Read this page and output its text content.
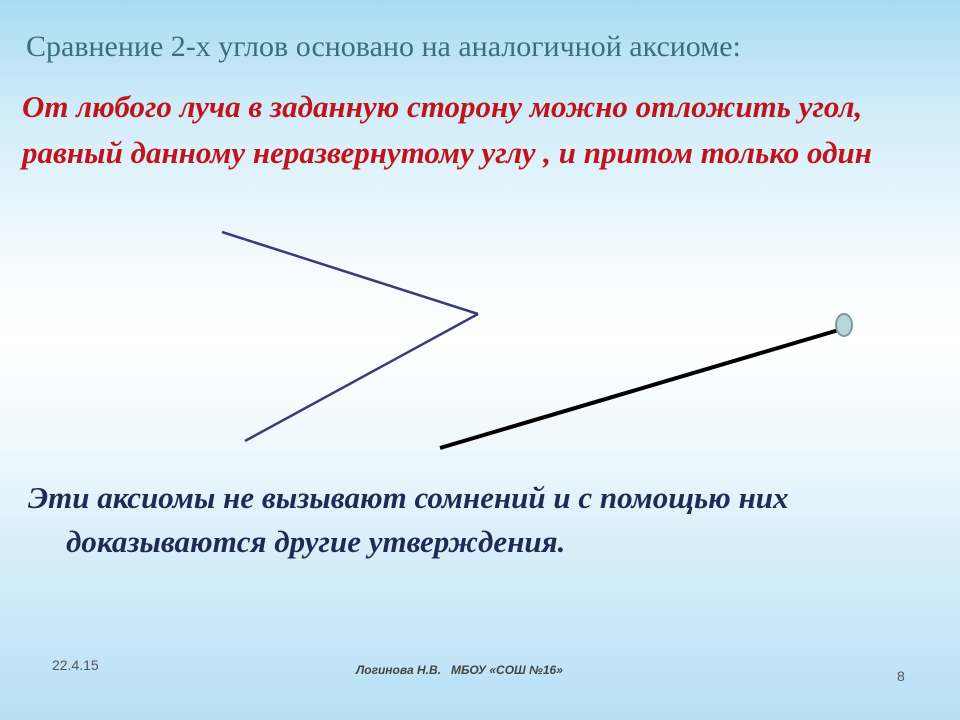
Сравнение 2-х углов основано на аналогичной аксиоме:
От любого луча в заданную сторону можно отложить угол, равный данному неразвернутому углу , и притом только один
Эти аксиомы не вызывают сомнений и с помощью них доказываются другие утверждения.
22.4.15	Логинова Н.В.   МБОУ «СОШ №16»	8
